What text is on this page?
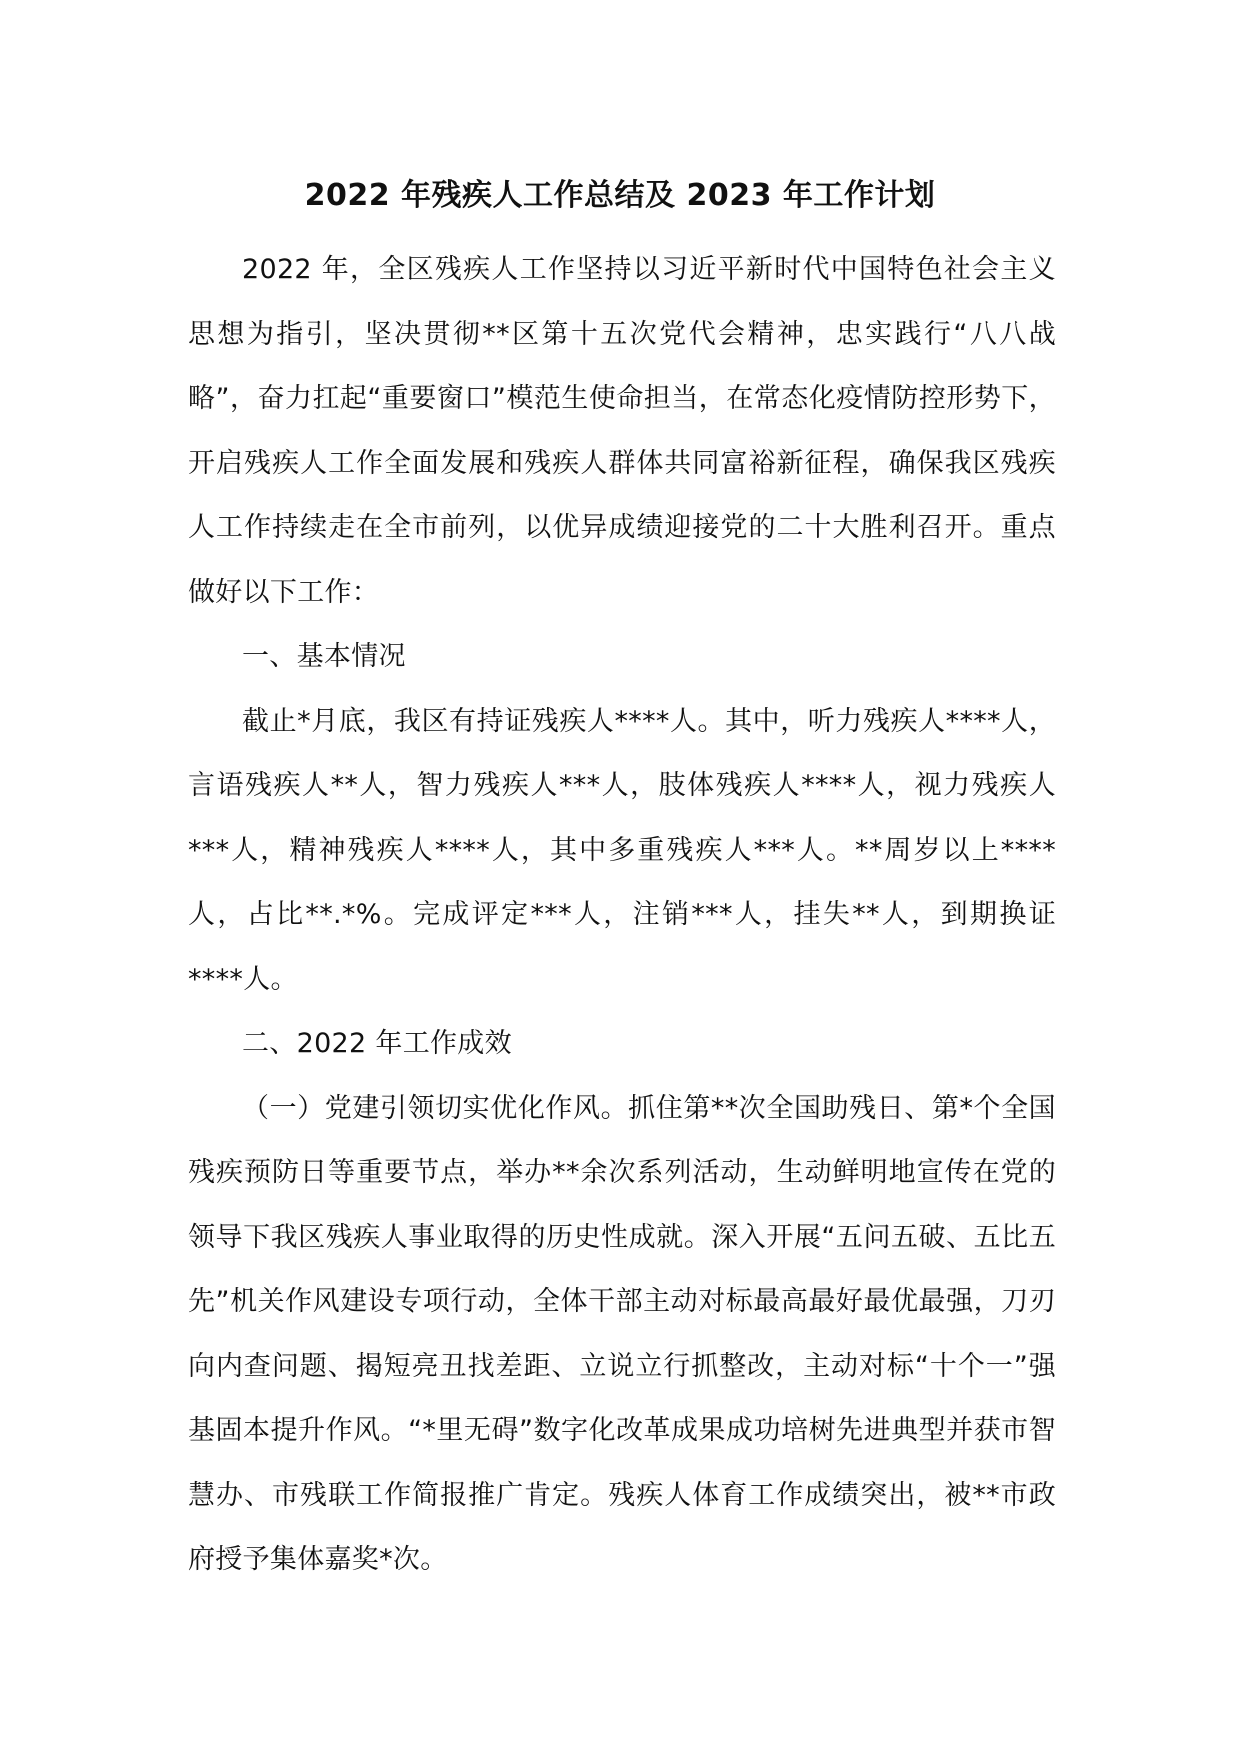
2022 年残疾人工作总结及 2023 年工作计划

2022 年，全区残疾人工作坚持以习近平新时代中国特色社会主义思想为指引，坚决贯彻**区第十五次党代会精神，忠实践行“八八战略”，奋力扛起“重要窗口”模范生使命担当，在常态化疫情防控形势下，开启残疾人工作全面发展和残疾人群体共同富裕新征程，确保我区残疾人工作持续走在全市前列，以优异成绩迎接党的二十大胜利召开。重点做好以下工作：

一、基本情况

截止*月底，我区有持证残疾人****人。其中，听力残疾人****人，言语残疾人**人，智力残疾人***人，肢体残疾人****人，视力残疾人***人，精神残疾人****人，其中多重残疾人***人。**周岁以上****人，占比**.*%。完成评定***人，注销***人，挂失**人，到期换证****人。

二、2022 年工作成效

（一）党建引领切实优化作风。抓住第**次全国助残日、第*个全国残疾预防日等重要节点，举办**余次系列活动，生动鲜明地宣传在党的领导下我区残疾人事业取得的历史性成就。深入开展“五问五破、五比五先”机关作风建设专项行动，全体干部主动对标最高最好最优最强，刀刃向内查问题、揭短亮丑找差距、立说立行抓整改，主动对标“十个一”强基固本提升作风。“*里无碍”数字化改革成果成功培树先进典型并获市智慧办、市残联工作简报推广肯定。残疾人体育工作成绩突出，被**市政府授予集体嘉奖*次。
